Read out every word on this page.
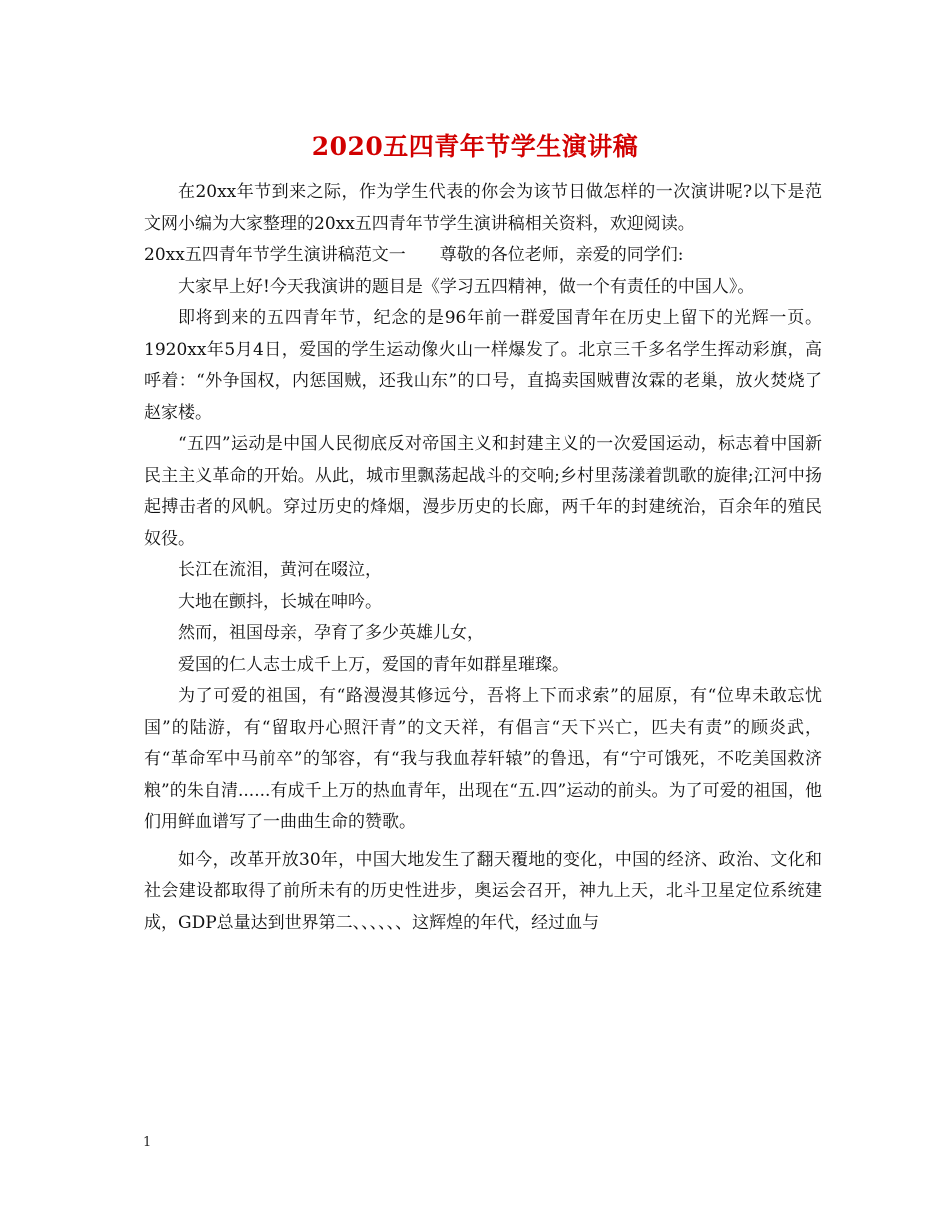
2020五四青年节学生演讲稿

在20xx年节到来之际，作为学生代表的你会为该节日做怎样的一次演讲呢?以下是范文网小编为大家整理的20xx五四青年节学生演讲稿相关资料，欢迎阅读。

20xx五四青年节学生演讲稿范文一　　尊敬的各位老师，亲爱的同学们:

大家早上好!今天我演讲的题目是《学习五四精神，做一个有责任的中国人》。

即将到来的五四青年节，纪念的是96年前一群爱国青年在历史上留下的光辉一页。1920xx年5月4日，爱国的学生运动像火山一样爆发了。北京三千多名学生挥动彩旗，高呼着：“外争国权，内惩国贼，还我山东”的口号，直捣卖国贼曹汝霖的老巢，放火焚烧了赵家楼。

“五四”运动是中国人民彻底反对帝国主义和封建主义的一次爱国运动，标志着中国新民主主义革命的开始。从此，城市里飘荡起战斗的交响;乡村里荡漾着凯歌的旋律;江河中扬起搏击者的风帆。穿过历史的烽烟，漫步历史的长廊，两千年的封建统治，百余年的殖民奴役。

长江在流泪，黄河在啜泣，

大地在颤抖，长城在呻吟。

然而，祖国母亲，孕育了多少英雄儿女，

爱国的仁人志士成千上万，爱国的青年如群星璀璨。

为了可爱的祖国，有“路漫漫其修远兮，吾将上下而求索”的屈原，有“位卑未敢忘忧国”的陆游，有“留取丹心照汗青”的文天祥，有倡言“天下兴亡，匹夫有责”的顾炎武，有“革命军中马前卒”的邹容，有“我与我血荐轩辕”的鲁迅，有“宁可饿死，不吃美国救济粮”的朱自清......有成千上万的热血青年，出现在“五.四”运动的前头。为了可爱的祖国，他们用鲜血谱写了一曲曲生命的赞歌。

如今，改革开放30年，中国大地发生了翻天覆地的变化，中国的经济、政治、文化和社会建设都取得了前所未有的历史性进步，奥运会召开，神九上天，北斗卫星定位系统建成，GDP总量达到世界第二、、、、、、这辉煌的年代，经过血与

1
